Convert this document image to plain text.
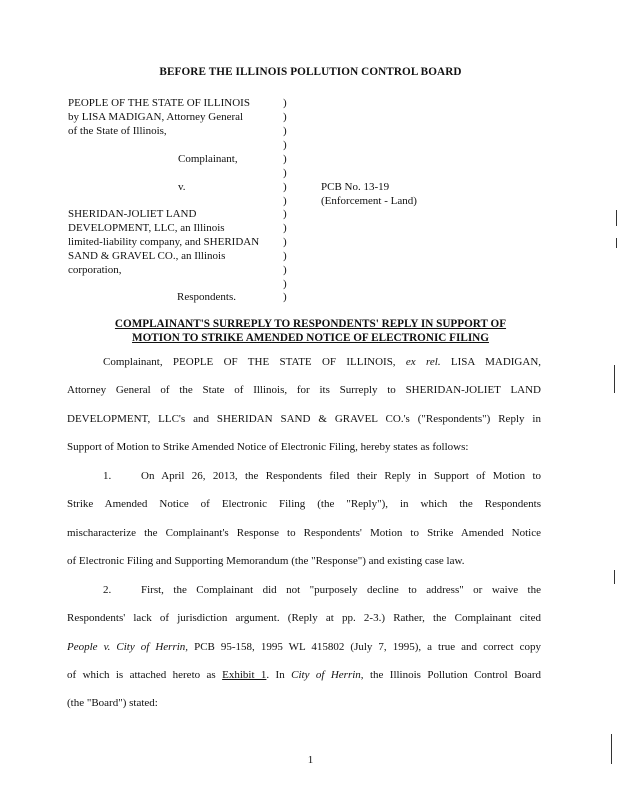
BEFORE THE ILLINOIS POLLUTION CONTROL BOARD
PEOPLE OF THE STATE OF ILLINOIS
by LISA MADIGAN, Attorney General
of the State of Illinois,
Complainant,
v.
SHERIDAN-JOLIET LAND
DEVELOPMENT, LLC, an Illinois
limited-liability company, and SHERIDAN
SAND & GRAVEL CO., an Illinois
corporation,
Respondents.
)
)
)
)
)
)
)
)
)
)
)
)
)
)
)
PCB No. 13-19
(Enforcement - Land)
COMPLAINANT'S SURREPLY TO RESPONDENTS' REPLY IN SUPPORT OF
MOTION TO STRIKE AMENDED NOTICE OF ELECTRONIC FILING
Complainant, PEOPLE OF THE STATE OF ILLINOIS, ex rel. LISA MADIGAN,
Attorney General of the State of Illinois, for its Surreply to SHERIDAN-JOLIET LAND
DEVELOPMENT, LLC's and SHERIDAN SAND & GRAVEL CO.'s ("Respondents") Reply in
Support of Motion to Strike Amended Notice of Electronic Filing, hereby states as follows:
1.	On April 26, 2013, the Respondents filed their Reply in Support of Motion to
Strike Amended Notice of Electronic Filing (the "Reply"), in which the Respondents
mischaracterize the Complainant's Response to Respondents' Motion to Strike Amended Notice
of Electronic Filing and Supporting Memorandum (the "Response") and existing case law.
2.	First, the Complainant did not "purposely decline to address" or waive the
Respondents' lack of jurisdiction argument. (Reply at pp. 2-3.) Rather, the Complainant cited
People v. City of Herrin, PCB 95-158, 1995 WL 415802 (July 7, 1995), a true and correct copy
of which is attached hereto as Exhibit 1. In City of Herrin, the Illinois Pollution Control Board
(the "Board") stated:
1
